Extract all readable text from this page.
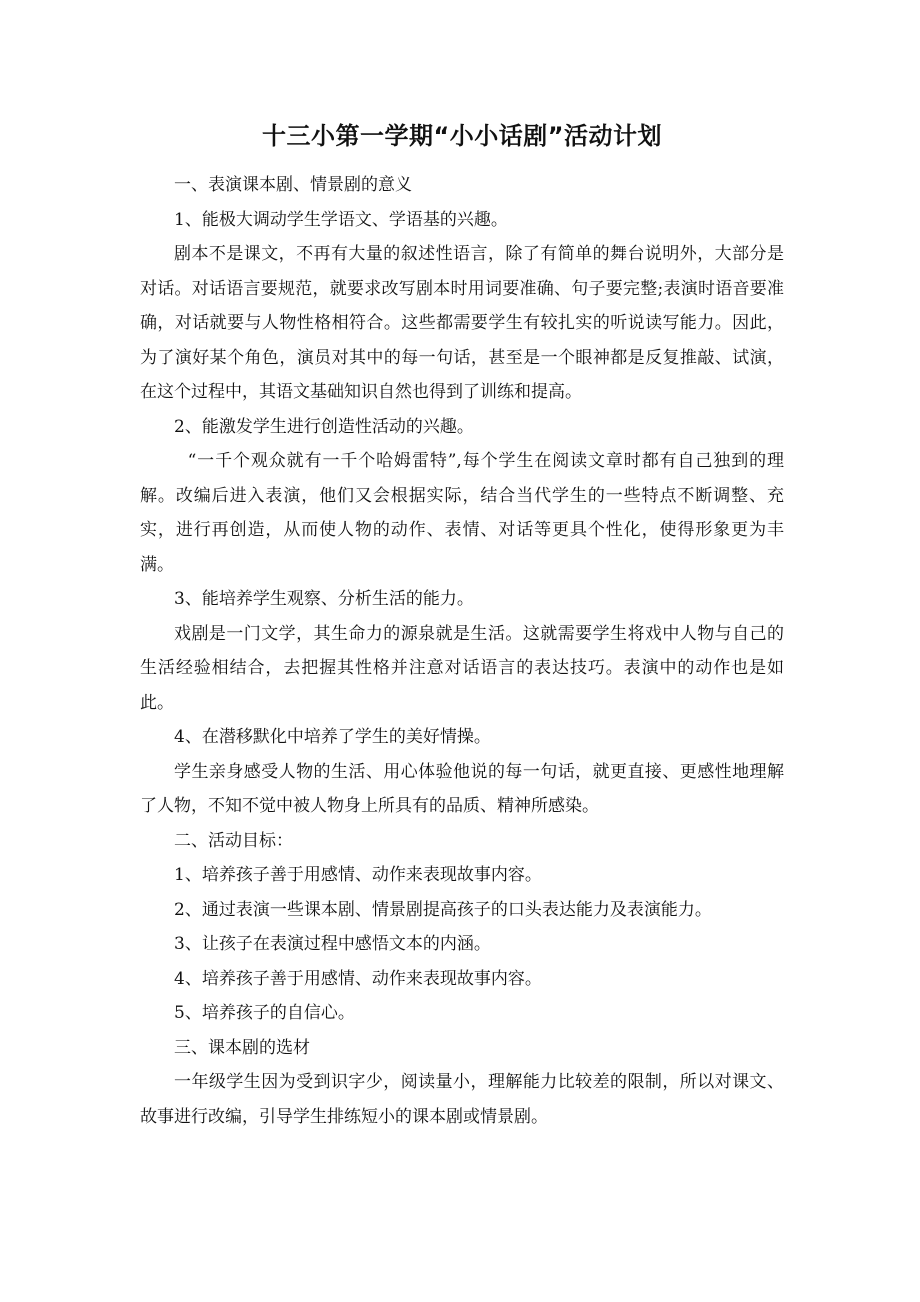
十三小第一学期“小小话剧”活动计划

一、表演课本剧、情景剧的意义

1、能极大调动学生学语文、学语基的兴趣。

剧本不是课文，不再有大量的叙述性语言，除了有简单的舞台说明外，大部分是对话。对话语言要规范，就要求改写剧本时用词要准确、句子要完整;表演时语音要准确，对话就要与人物性格相符合。这些都需要学生有较扎实的听说读写能力。因此，为了演好某个角色，演员对其中的每一句话，甚至是一个眼神都是反复推敲、试演，在这个过程中，其语文基础知识自然也得到了训练和提高。

2、能激发学生进行创造性活动的兴趣。

“一千个观众就有一千个哈姆雷特”,每个学生在阅读文章时都有自己独到的理解。改编后进入表演，他们又会根据实际，结合当代学生的一些特点不断调整、充实，进行再创造，从而使人物的动作、表情、对话等更具个性化，使得形象更为丰满。

3、能培养学生观察、分析生活的能力。

戏剧是一门文学，其生命力的源泉就是生活。这就需要学生将戏中人物与自己的生活经验相结合，去把握其性格并注意对话语言的表达技巧。表演中的动作也是如此。

4、在潜移默化中培养了学生的美好情操。

学生亲身感受人物的生活、用心体验他说的每一句话，就更直接、更感性地理解了人物，不知不觉中被人物身上所具有的品质、精神所感染。

二、活动目标：

1、培养孩子善于用感情、动作来表现故事内容。

2、通过表演一些课本剧、情景剧提高孩子的口头表达能力及表演能力。

3、让孩子在表演过程中感悟文本的内涵。

4、培养孩子善于用感情、动作来表现故事内容。

5、培养孩子的自信心。

三、课本剧的选材

一年级学生因为受到识字少，阅读量小，理解能力比较差的限制，所以对课文、故事进行改编，引导学生排练短小的课本剧或情景剧。
